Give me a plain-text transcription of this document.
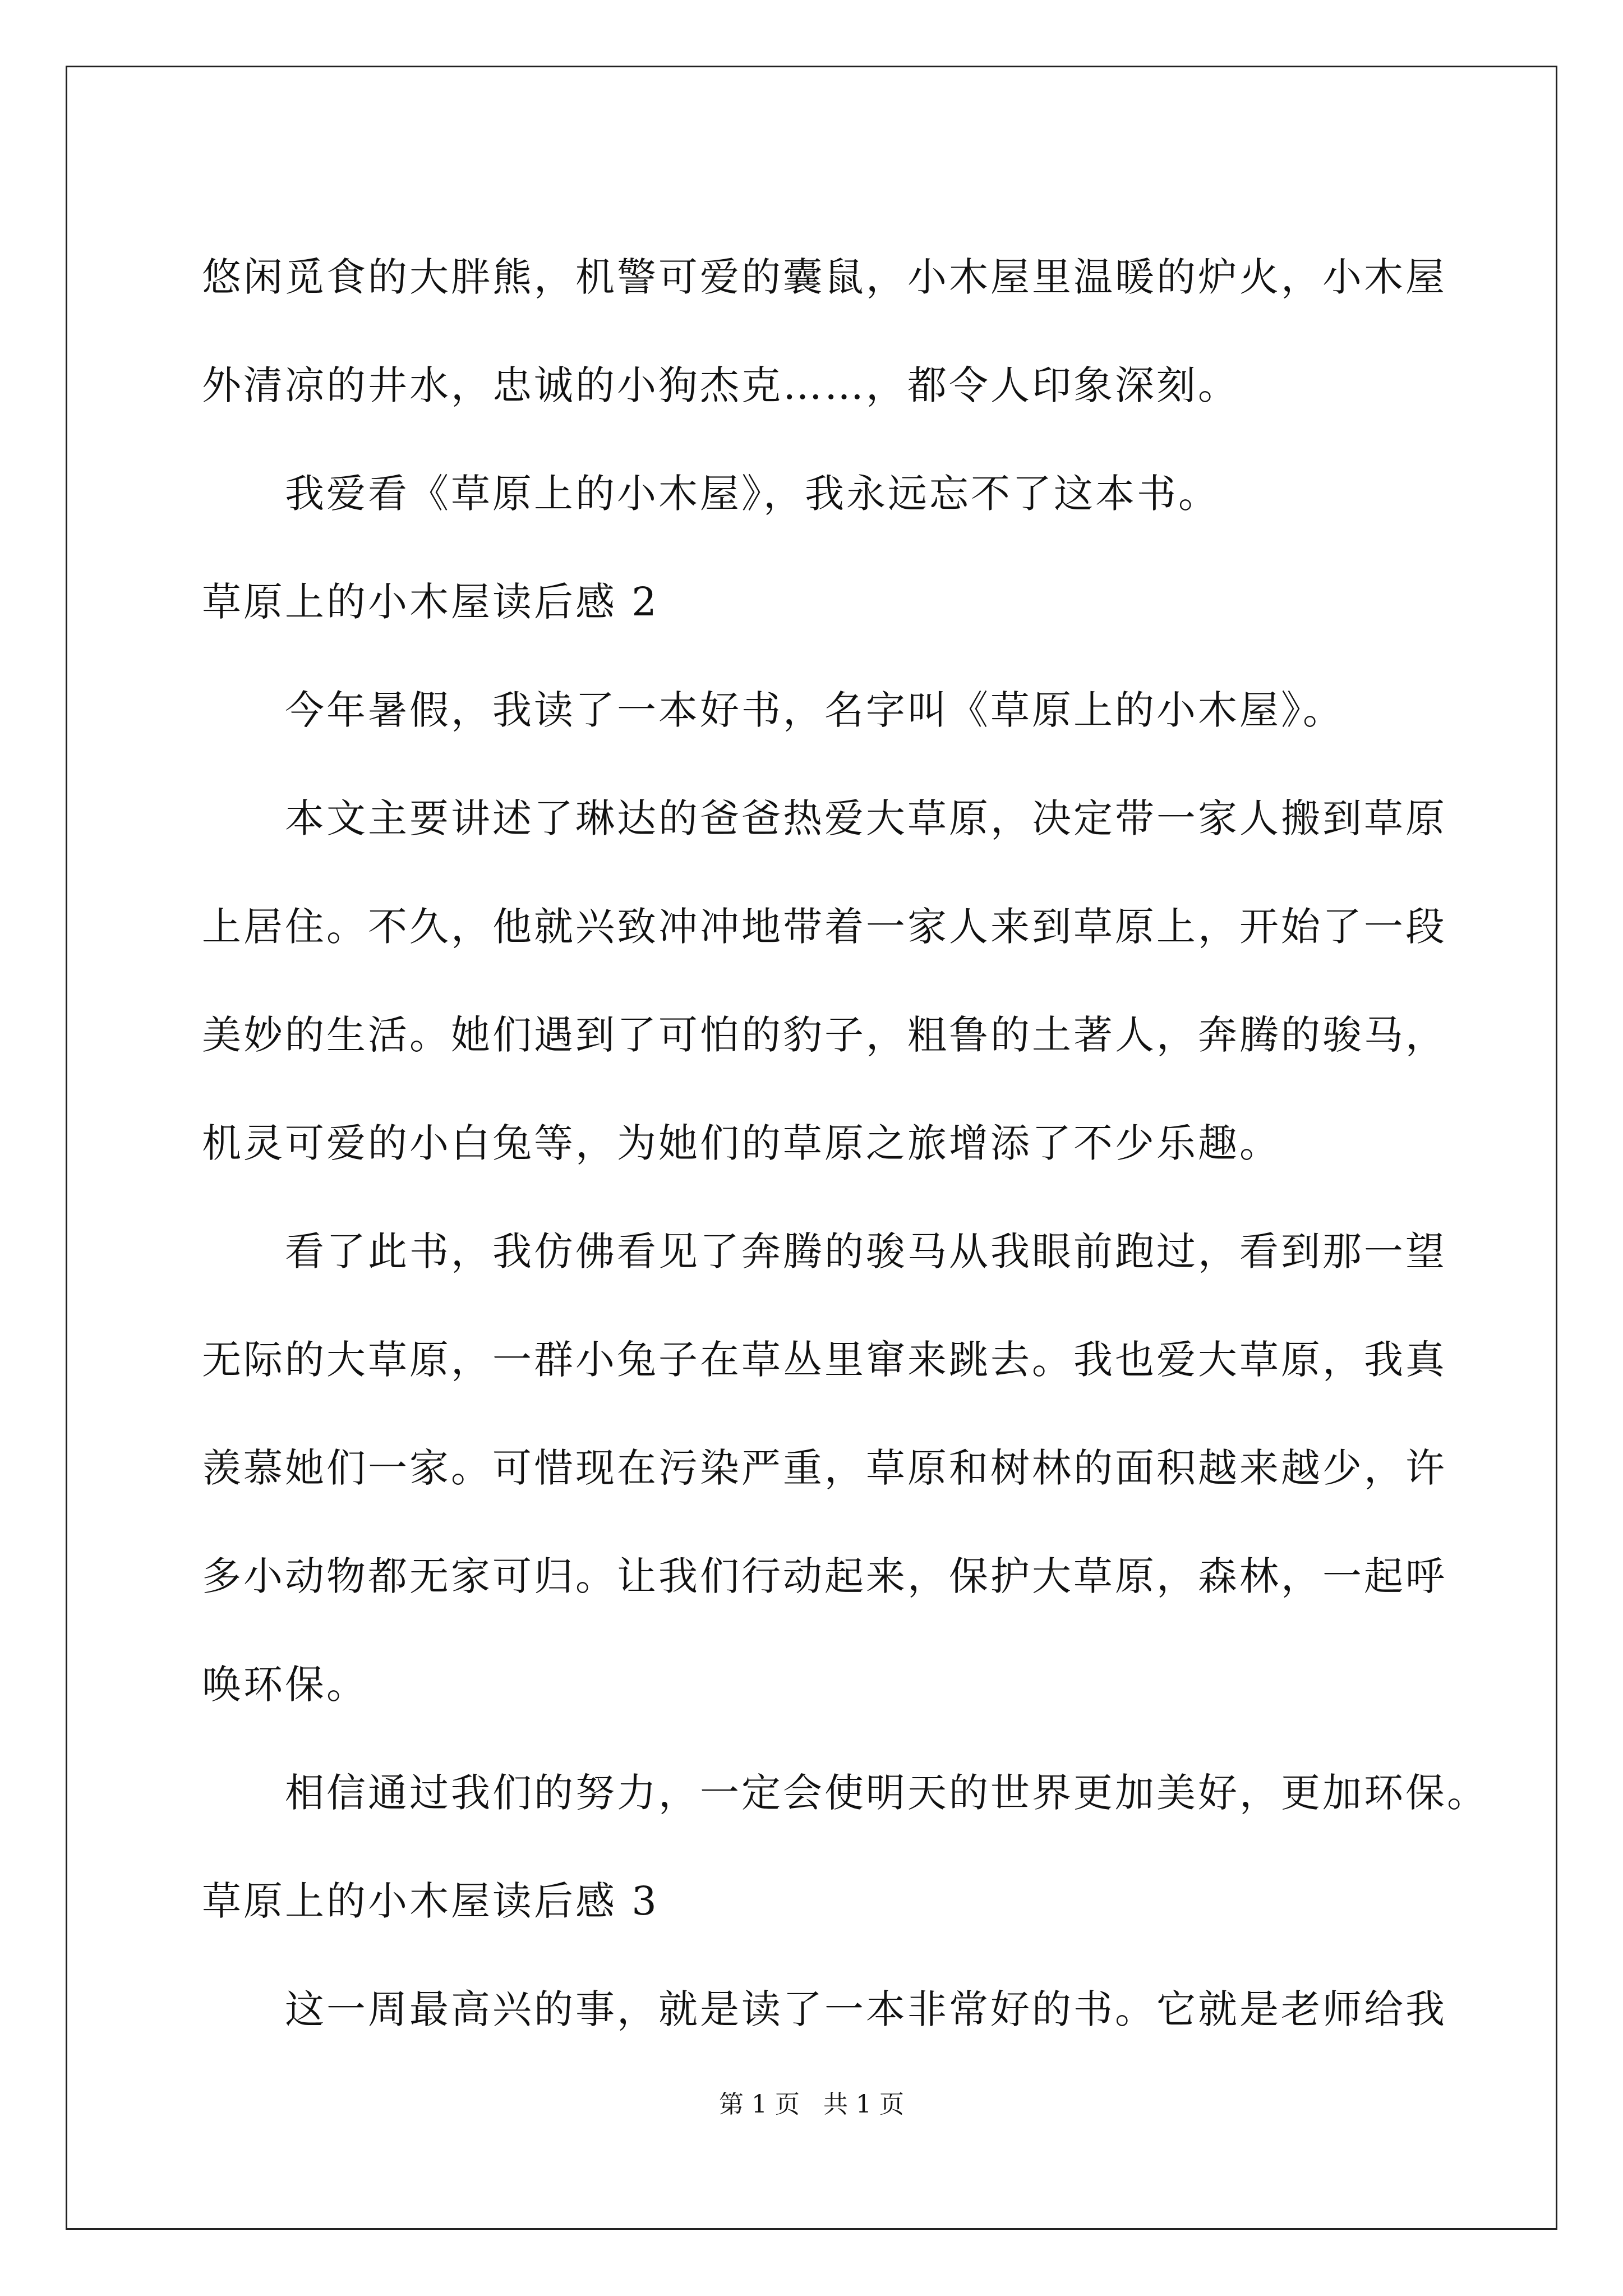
悠闲觅食的大胖熊，机警可爱的囊鼠，小木屋里温暖的炉火，小木屋
外清凉的井水，忠诚的小狗杰克……，都令人印象深刻。
我爱看《草原上的小木屋》，我永远忘不了这本书。
草原上的小木屋读后感 2
今年暑假，我读了一本好书，名字叫《草原上的小木屋》。
本文主要讲述了琳达的爸爸热爱大草原，决定带一家人搬到草原
上居住。不久，他就兴致冲冲地带着一家人来到草原上，开始了一段
美妙的生活。她们遇到了可怕的豹子，粗鲁的土著人，奔腾的骏马，
机灵可爱的小白兔等，为她们的草原之旅增添了不少乐趣。
看了此书，我仿佛看见了奔腾的骏马从我眼前跑过，看到那一望
无际的大草原，一群小兔子在草丛里窜来跳去。我也爱大草原，我真
羡慕她们一家。可惜现在污染严重，草原和树林的面积越来越少，许
多小动物都无家可归。让我们行动起来，保护大草原，森林，一起呼
唤环保。
相信通过我们的努力，一定会使明天的世界更加美好，更加环保。
草原上的小木屋读后感 3
这一周最高兴的事，就是读了一本非常好的书。它就是老师给我
第 1 页   共 1 页
